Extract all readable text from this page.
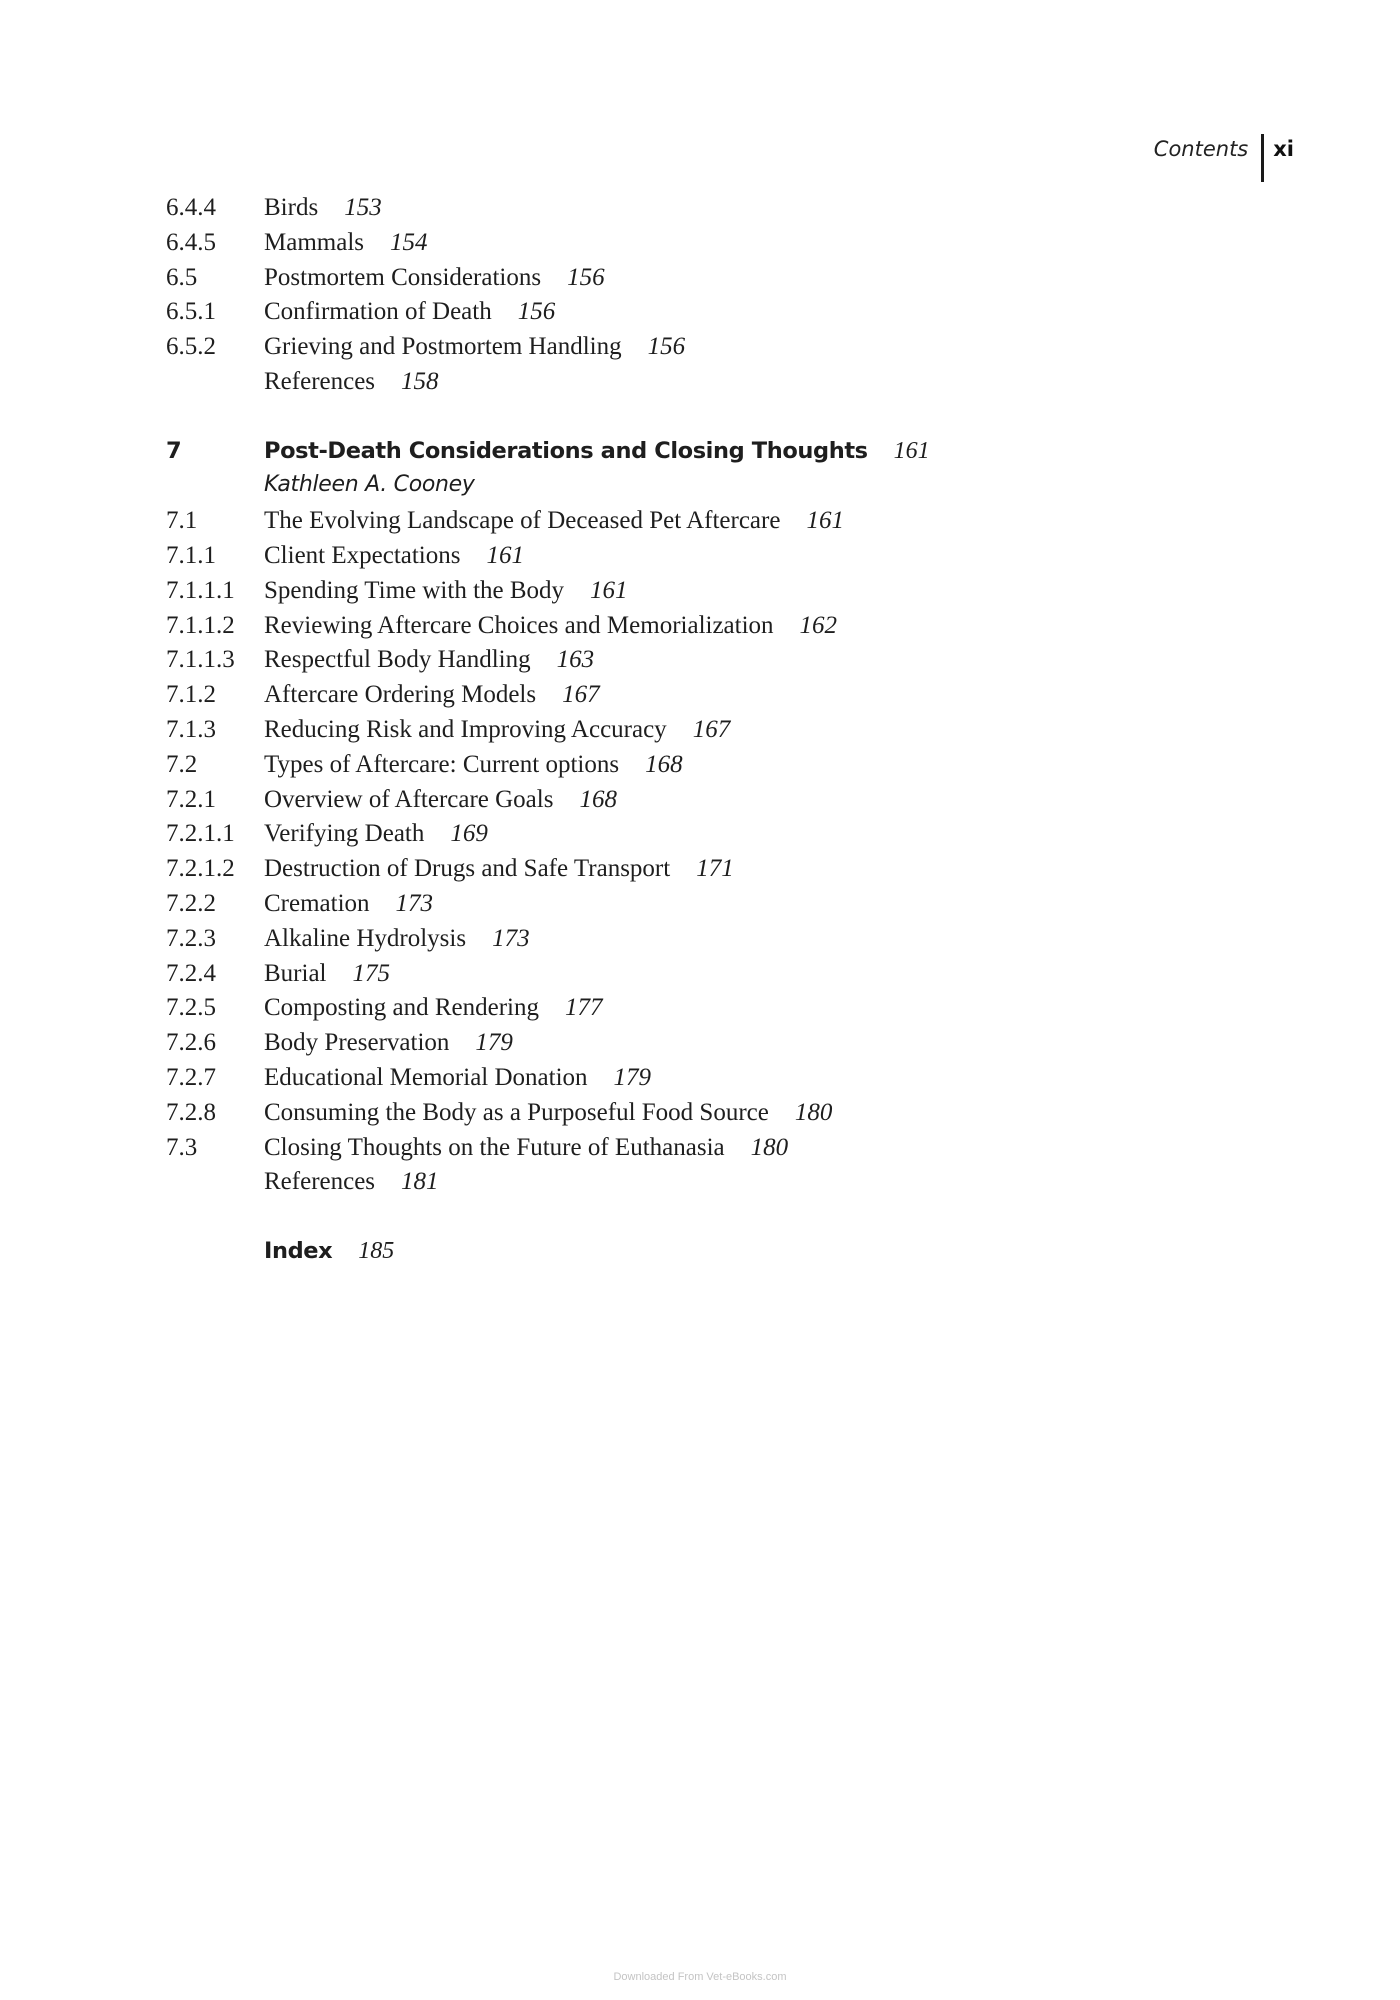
Contents xi
6.4.4	Birds 153
6.4.5	Mammals 154
6.5	Postmortem Considerations 156
6.5.1	Confirmation of Death 156
6.5.2	Grieving and Postmortem Handling 156
References 158
7	Post-Death Considerations and Closing Thoughts 161
Kathleen A. Cooney
7.1	The Evolving Landscape of Deceased Pet Aftercare 161
7.1.1	Client Expectations 161
7.1.1.1	Spending Time with the Body 161
7.1.1.2	Reviewing Aftercare Choices and Memorialization 162
7.1.1.3	Respectful Body Handling 163
7.1.2	Aftercare Ordering Models 167
7.1.3	Reducing Risk and Improving Accuracy 167
7.2	Types of Aftercare: Current options 168
7.2.1	Overview of Aftercare Goals 168
7.2.1.1	Verifying Death 169
7.2.1.2	Destruction of Drugs and Safe Transport 171
7.2.2	Cremation 173
7.2.3	Alkaline Hydrolysis 173
7.2.4	Burial 175
7.2.5	Composting and Rendering 177
7.2.6	Body Preservation 179
7.2.7	Educational Memorial Donation 179
7.2.8	Consuming the Body as a Purposeful Food Source 180
7.3	Closing Thoughts on the Future of Euthanasia 180
References 181
Index 185
Downloaded From Vet-eBooks.com
